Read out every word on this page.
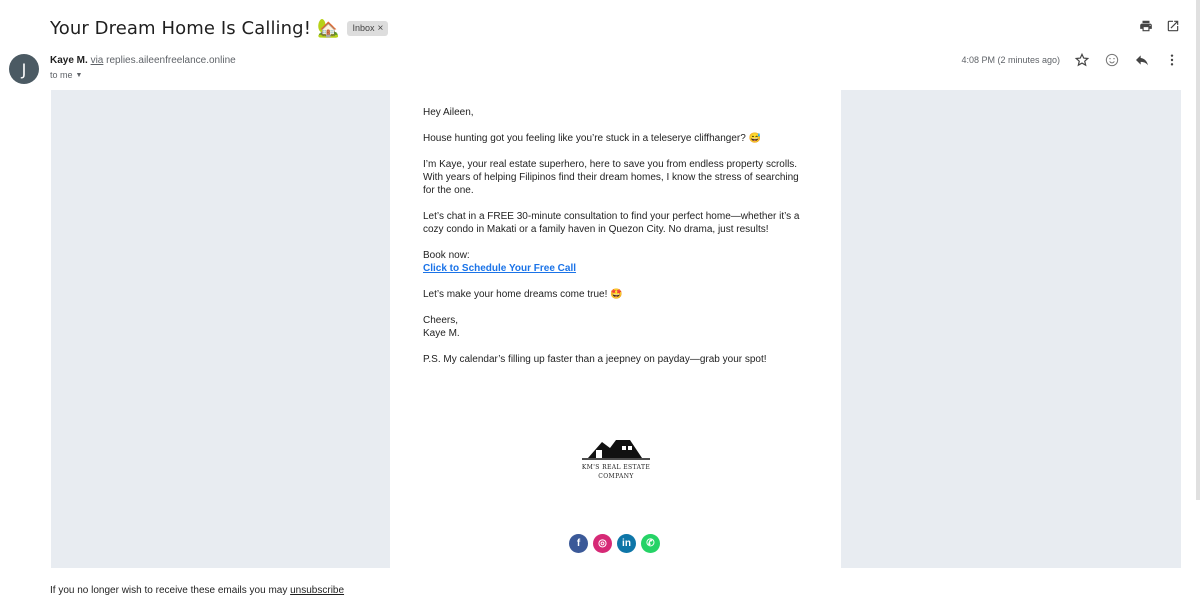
Your Dream Home Is Calling! 🏡 Inbox ×
J	Kaye M. via replies.aileenfreelance.online
to me ▼
4:08 PM (2 minutes ago)

Hey Aileen,

House hunting got you feeling like you’re stuck in a teleserye cliffhanger? 😅

I’m Kaye, your real estate superhero, here to save you from endless property scrolls. With years of helping Filipinos find their dream homes, I know the stress of searching for the one.

Let’s chat in a FREE 30-minute consultation to find your perfect home—whether it’s a cozy condo in Makati or a family haven in Quezon City. No drama, just results!

Book now:
Click to Schedule Your Free Call

Let’s make your home dreams come true! 🤩

Cheers,
Kaye M.

P.S. My calendar’s filling up faster than a jeepney on payday—grab your spot!

KM'S REAL ESTATE
COMPANY
f	◎	in	✆
If you no longer wish to receive these emails you may unsubscribe
